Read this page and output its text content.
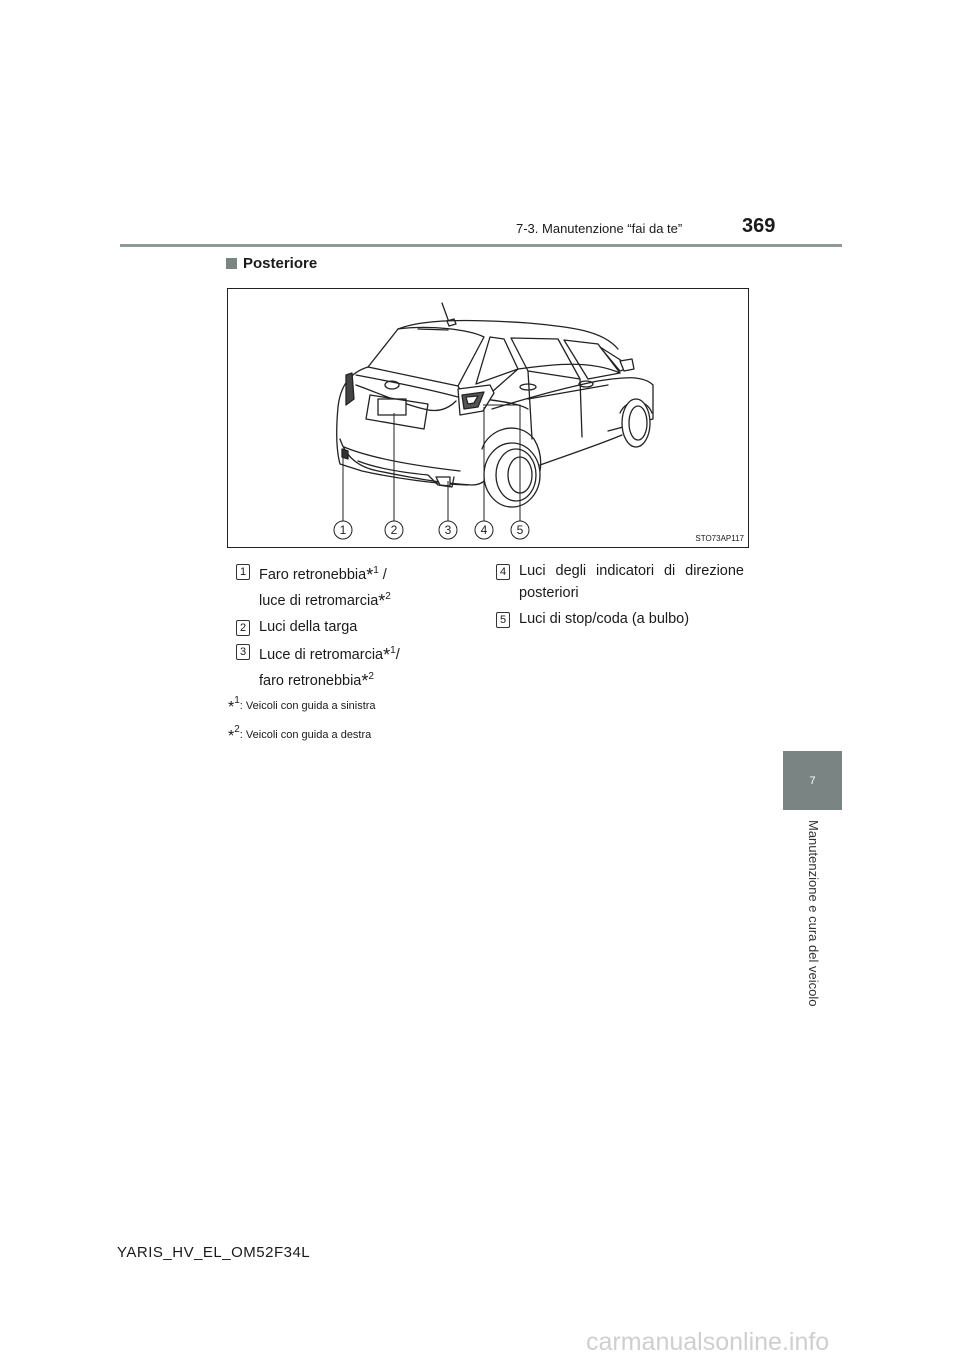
7-3. Manutenzione “fai da te”	369
Posteriore
1	2	3 4 5
STO73AP117
1 Faro retronebbia*$^1$ /
luce di retromarcia*$^2$
2 Luci della targa
3 Luce di retromarcia*$^1$/
faro retronebbia*$^2$
4 Luci degli indicatori di direzione posteriori
5 Luci di stop/coda (a bulbo)
*$^1$: Veicoli con guida a sinistra
*$^2$: Veicoli con guida a destra
7
Manutenzione e cura del veicolo
YARIS_HV_EL_OM52F34L
carmanualsonline.info
